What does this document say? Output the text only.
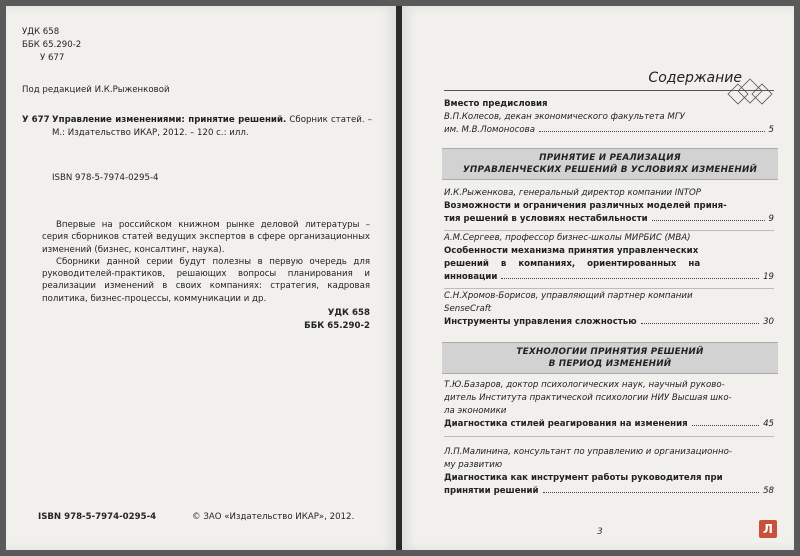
УДК 658
ББК 65.290-2
У 677
Под редакцией И.К.Рыженковой
У 677 Управление изменениями: принятие решений. Сборник статей. – М.: Издательство ИКАР, 2012. – 120 с.: илл.
ISBN 978-5-7974-0295-4

Впервые на российском книжном рынке деловой литературы – серия сборников статей ведущих экспертов в сфере организационных изменений (бизнес, консалтинг, наука).

Сборники данной серии будут полезны в первую очередь для руководителей-практиков, решающих вопросы планирования и реализации изменений в своих компаниях: стратегия, кадровая политика, бизнес-процессы, коммуникации и др.

УДК 658
ББК 65.290-2
ISBN 978-5-7974-0295-4	© ЗАО «Издательство ИКАР», 2012.
Содержание
Вместо предисловия
В.П.Колесов, декан экономического факультета МГУ
им. М.В.Ломоносова	5
ПРИНЯТИЕ И РЕАЛИЗАЦИЯ
УПРАВЛЕНЧЕСКИХ РЕШЕНИЙ В УСЛОВИЯХ ИЗМЕНЕНИЙ
И.К.Рыженкова, генеральный директор компании INTOP
Возможности и ограничения различных моделей приня-
тия решений в условиях нестабильности	9
А.М.Сергеев, профессор бизнес-школы МИРБИС (МВА)
Особенности механизма принятия управленческих
решений в компаниях, ориентированных на
инновации	19
С.Н.Хромов-Борисов, управляющий партнер компании
SenseCraft
Инструменты управления сложностью	30
ТЕХНОЛОГИИ ПРИНЯТИЯ РЕШЕНИЙ
В ПЕРИОД ИЗМЕНЕНИЙ
Т.Ю.Базаров, доктор психологических наук, научный руково-
дитель Института практической психологии НИУ Высшая шко-
ла экономики
Диагностика стилей реагирования на изменения	45
Л.П.Малинина, консультант по управлению и организационно-
му развитию
Диагностика как инструмент работы руководителя при
принятии решений	58
3	Л
